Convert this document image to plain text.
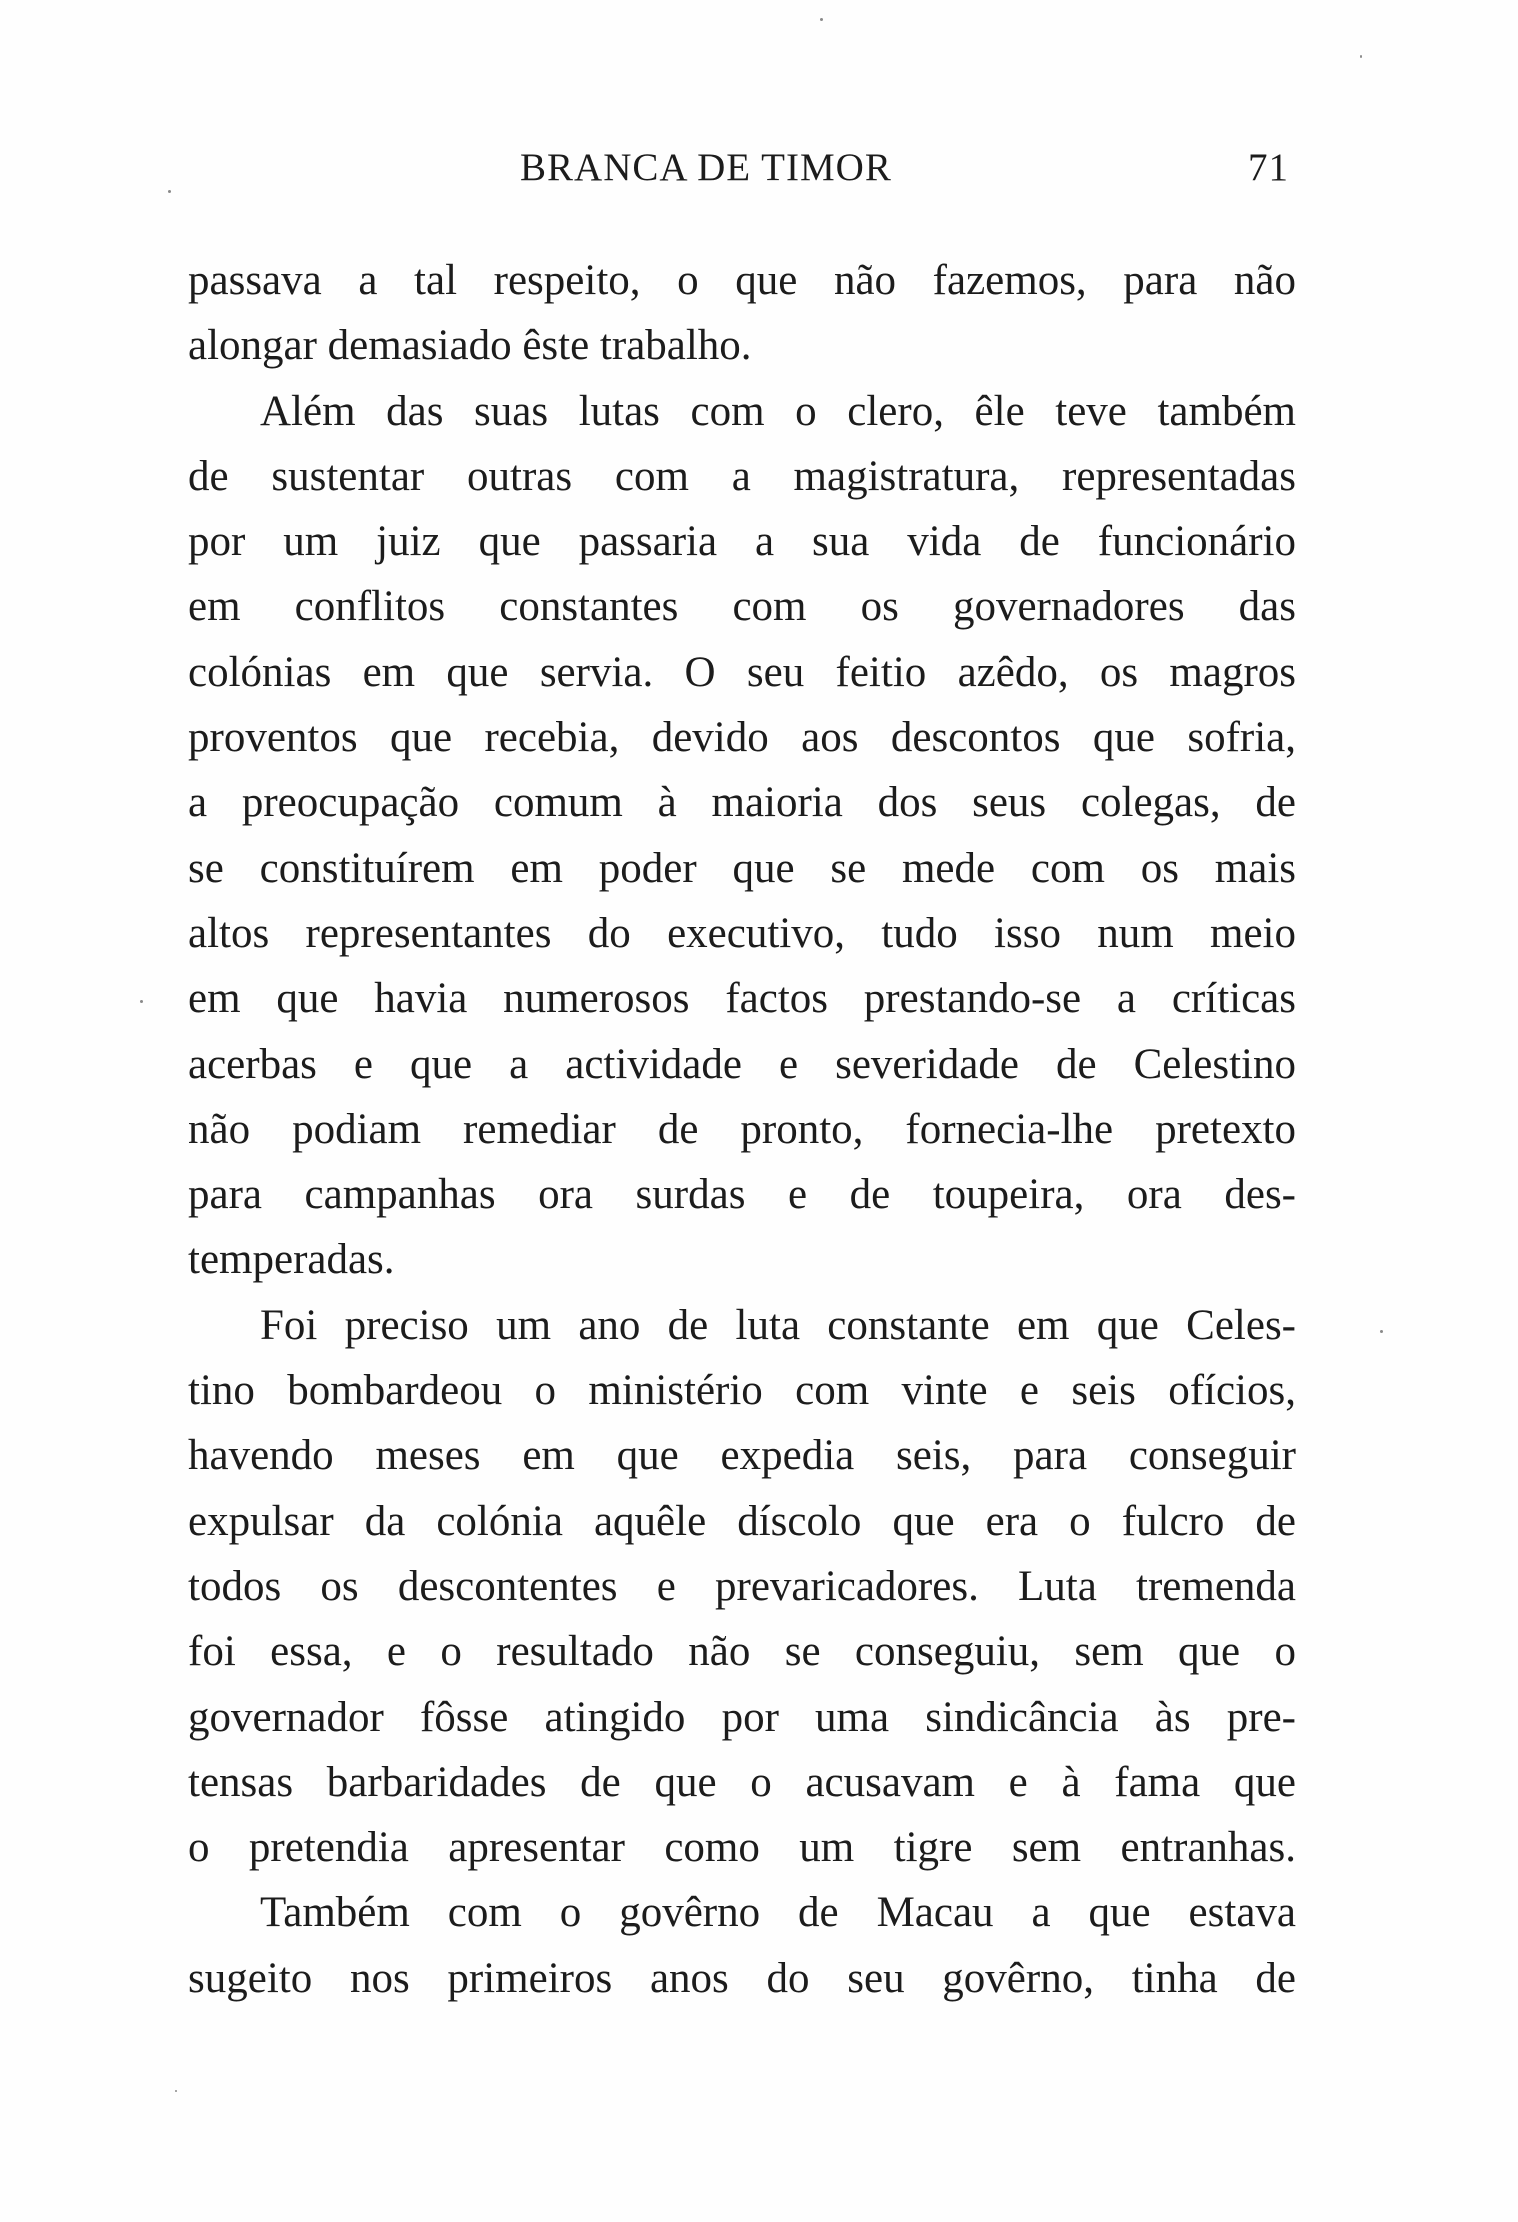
BRANCA DE TIMOR	71
passava a tal respeito, o que não fazemos, para não
alongar demasiado êste trabalho.
Além das suas lutas com o clero, êle teve também
de sustentar outras com a magistratura, representadas
por um juiz que passaria a sua vida de funcionário
em conflitos constantes com os governadores das
colónias em que servia. O seu feitio azêdo, os magros
proventos que recebia, devido aos descontos que sofria,
a preocupação comum à maioria dos seus colegas, de
se constituírem em poder que se mede com os mais
altos representantes do executivo, tudo isso num meio
em que havia numerosos factos prestando-se a críticas
acerbas e que a actividade e severidade de Celestino
não podiam remediar de pronto, fornecia-lhe pretexto
para campanhas ora surdas e de toupeira, ora des-
temperadas.
Foi preciso um ano de luta constante em que Celes-
tino bombardeou o ministério com vinte e seis ofícios,
havendo meses em que expedia seis, para conseguir
expulsar da colónia aquêle díscolo que era o fulcro de
todos os descontentes e prevaricadores. Luta tremenda
foi essa, e o resultado não se conseguiu, sem que o
governador fôsse atingido por uma sindicância às pre-
tensas barbaridades de que o acusavam e à fama que
o pretendia apresentar como um tigre sem entranhas.
Também com o govêrno de Macau a que estava
sugeito nos primeiros anos do seu govêrno, tinha de
